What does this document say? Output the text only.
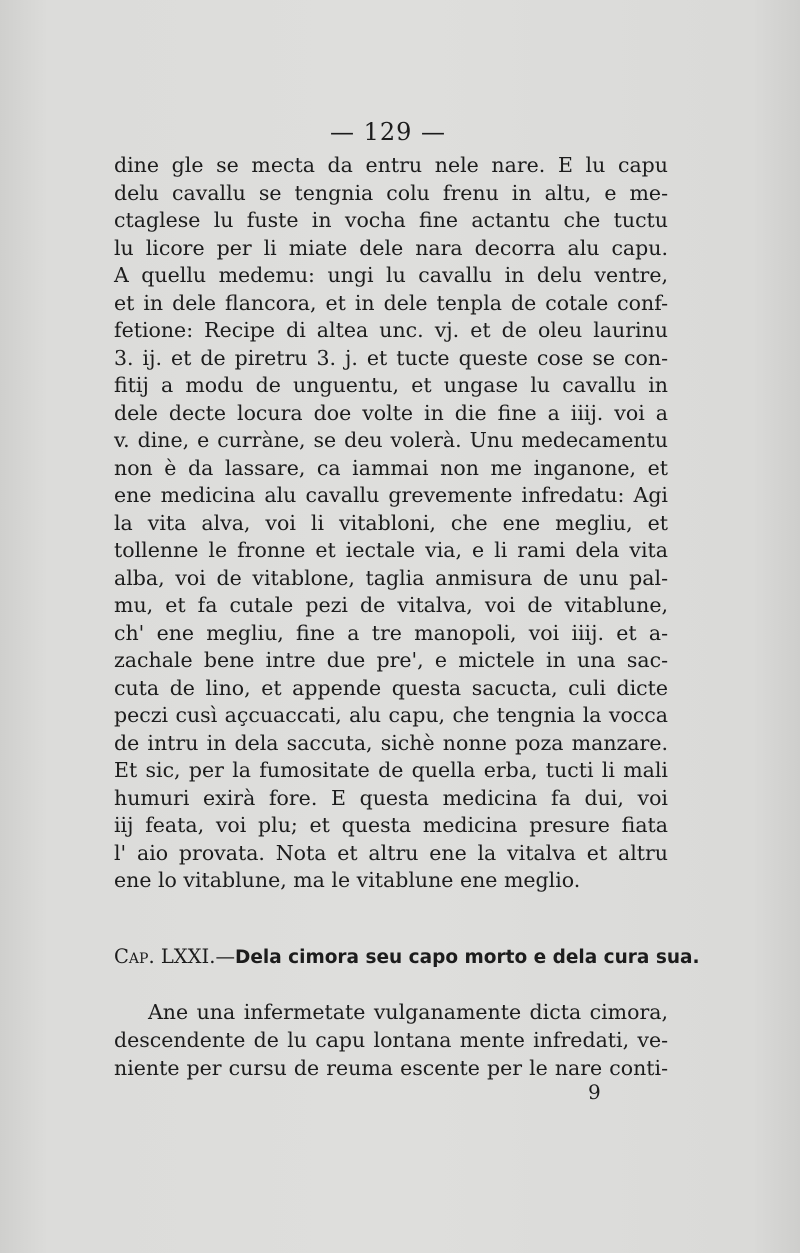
— 129 —
dine gle se mecta da entru nele nare. E lu capu
delu cavallu se tengnia colu frenu in altu, e me-
ctaglese lu fuste in vocha fine actantu che tuctu
lu licore per li miate dele nara decorra alu capu.
A quellu medemu: ungi lu cavallu in delu ventre,
et in dele flancora, et in dele tenpla de cotale conf-
fetione: Recipe di altea unc. vj. et de oleu laurinu
3. ij. et de piretru 3. j. et tucte queste cose se con-
fitij a modu de unguentu, et ungase lu cavallu in
dele decte locura doe volte in die fine a iiij. voi a
v. dine, e curràne, se deu volerà. Unu medecamentu
non è da lassare, ca iammai non me inganone, et
ene medicina alu cavallu grevemente infredatu: Agi
la vita alva, voi li vitabloni, che ene megliu, et
tollenne le fronne et iectale via, e li rami dela vita
alba, voi de vitablone, taglia anmisura de unu pal-
mu, et fa cutale pezi de vitalva, voi de vitablune,
ch' ene megliu, fine a tre manopoli, voi iiij. et a-
zachale bene intre due pre', e mictele in una sac-
cuta de lino, et appende questa sacucta, culi dicte
peczi cusì açcuaccati, alu capu, che tengnia la vocca
de intru in dela saccuta, sichè nonne poza manzare.
Et sic, per la fumositate de quella erba, tucti li mali
humuri exirà fore. E questa medicina fa dui, voi
iij feata, voi plu; et questa medicina presure fiata
l' aio provata. Nota et altru ene la vitalva et altru
ene lo vitablune, ma le vitablune ene meglio.
Cap. LXXI.—Dela cimora seu capo morto e dela cura sua.
Ane una infermetate vulganamente dicta cimora,
descendente de lu capu lontana mente infredati, ve-
niente per cursu de reuma escente per le nare conti-
9
